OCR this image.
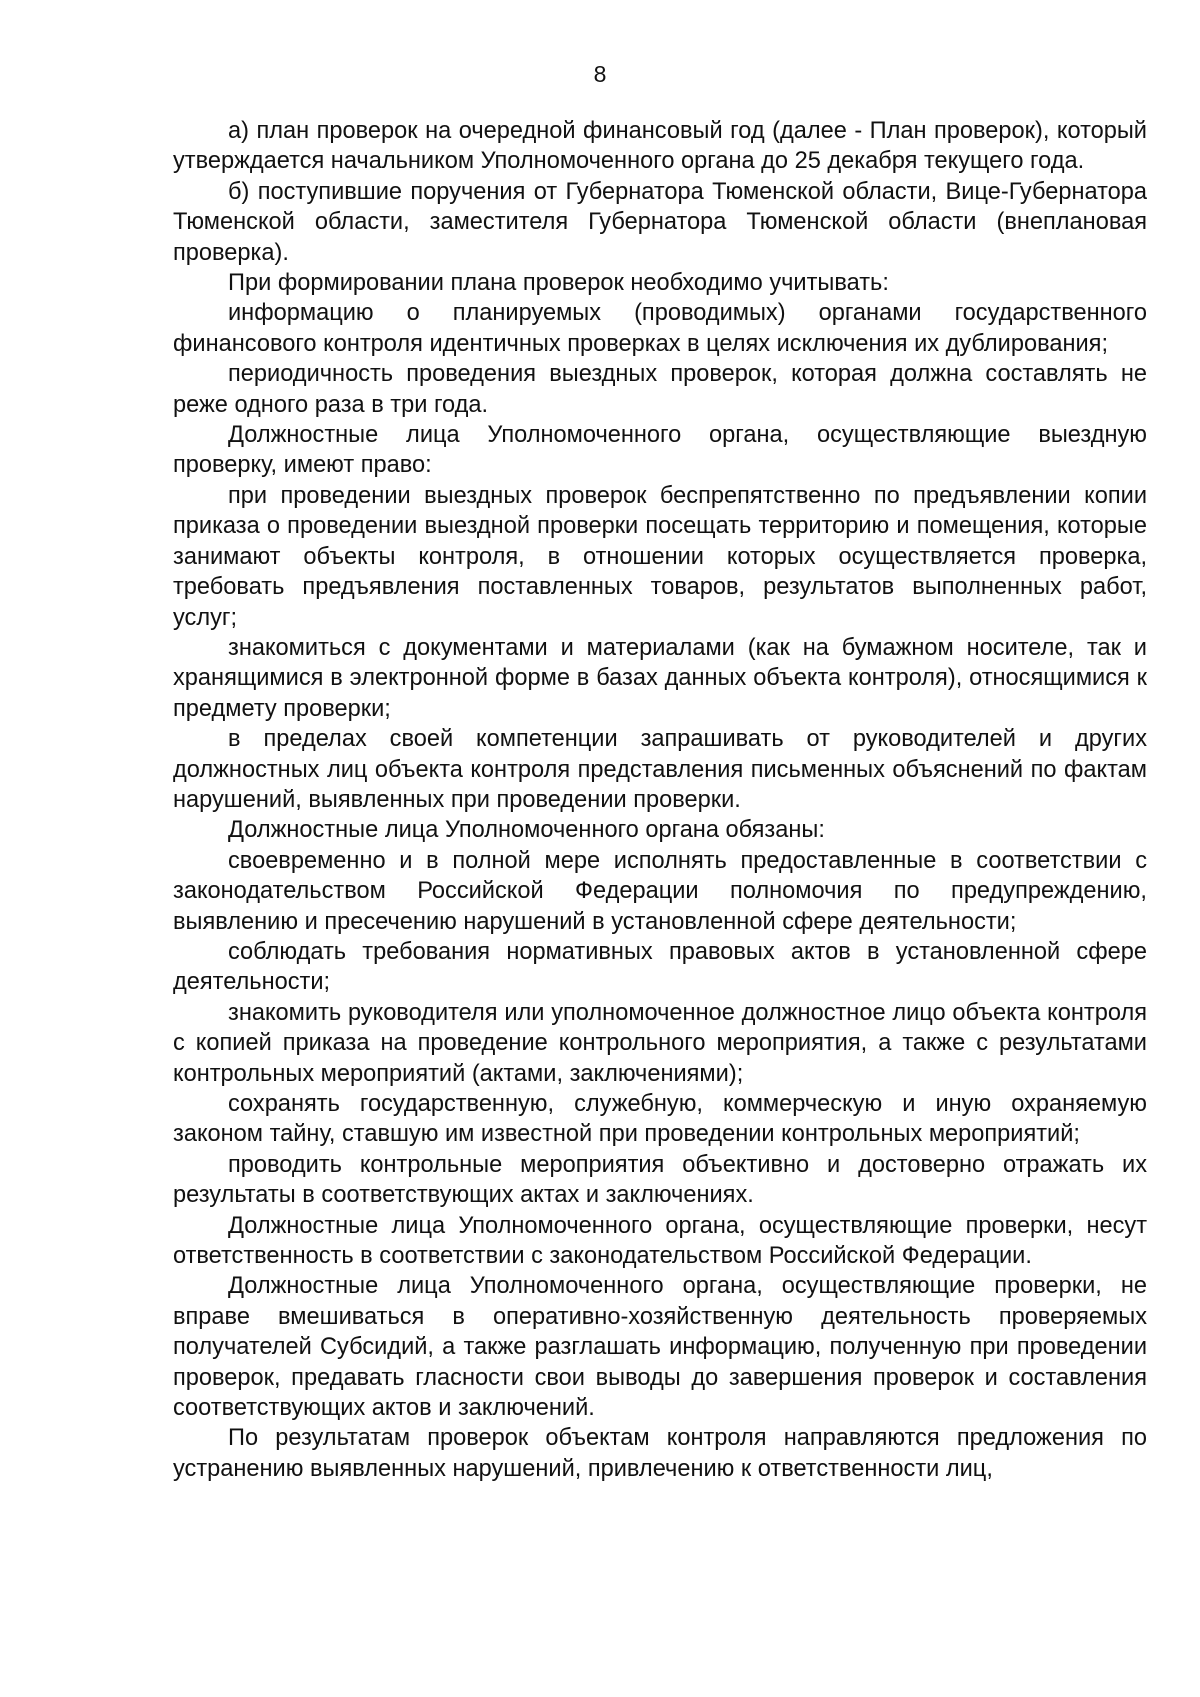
8

а) план проверок на очередной финансовый год (далее - План проверок), который утверждается начальником Уполномоченного органа до 25 декабря текущего года.

б) поступившие поручения от Губернатора Тюменской области, Вице-Губернатора Тюменской области, заместителя Губернатора Тюменской области (внеплановая проверка).

При формировании плана проверок необходимо учитывать:

информацию о планируемых (проводимых) органами государственного финансового контроля идентичных проверках в целях исключения их дублирования;

периодичность проведения выездных проверок, которая должна составлять не реже одного раза в три года.

Должностные лица Уполномоченного органа, осуществляющие выездную проверку, имеют право:

при проведении выездных проверок беспрепятственно по предъявлении копии приказа о проведении выездной проверки посещать территорию и помещения, которые занимают объекты контроля, в отношении которых осуществляется проверка, требовать предъявления поставленных товаров, результатов выполненных работ, услуг;

знакомиться с документами и материалами (как на бумажном носителе, так и хранящимися в электронной форме в базах данных объекта контроля), относящимися к предмету проверки;

в пределах своей компетенции запрашивать от руководителей и других должностных лиц объекта контроля представления письменных объяснений по фактам нарушений, выявленных при проведении проверки.

Должностные лица Уполномоченного органа обязаны:

своевременно и в полной мере исполнять предоставленные в соответствии с законодательством Российской Федерации полномочия по предупреждению, выявлению и пресечению нарушений в установленной сфере деятельности;

соблюдать требования нормативных правовых актов в установленной сфере деятельности;

знакомить руководителя или уполномоченное должностное лицо объекта контроля с копией приказа на проведение контрольного мероприятия, а также с результатами контрольных мероприятий (актами, заключениями);

сохранять государственную, служебную, коммерческую и иную охраняемую законом тайну, ставшую им известной при проведении контрольных мероприятий;

проводить контрольные мероприятия объективно и достоверно отражать их результаты в соответствующих актах и заключениях.

Должностные лица Уполномоченного органа, осуществляющие проверки, несут ответственность в соответствии с законодательством Российской Федерации.

Должностные лица Уполномоченного органа, осуществляющие проверки, не вправе вмешиваться в оперативно-хозяйственную деятельность проверяемых получателей Субсидий, а также разглашать информацию, полученную при проведении проверок, предавать гласности свои выводы до завершения проверок и составления соответствующих актов и заключений.

По результатам проверок объектам контроля направляются предложения по устранению выявленных нарушений, привлечению к ответственности лиц,
